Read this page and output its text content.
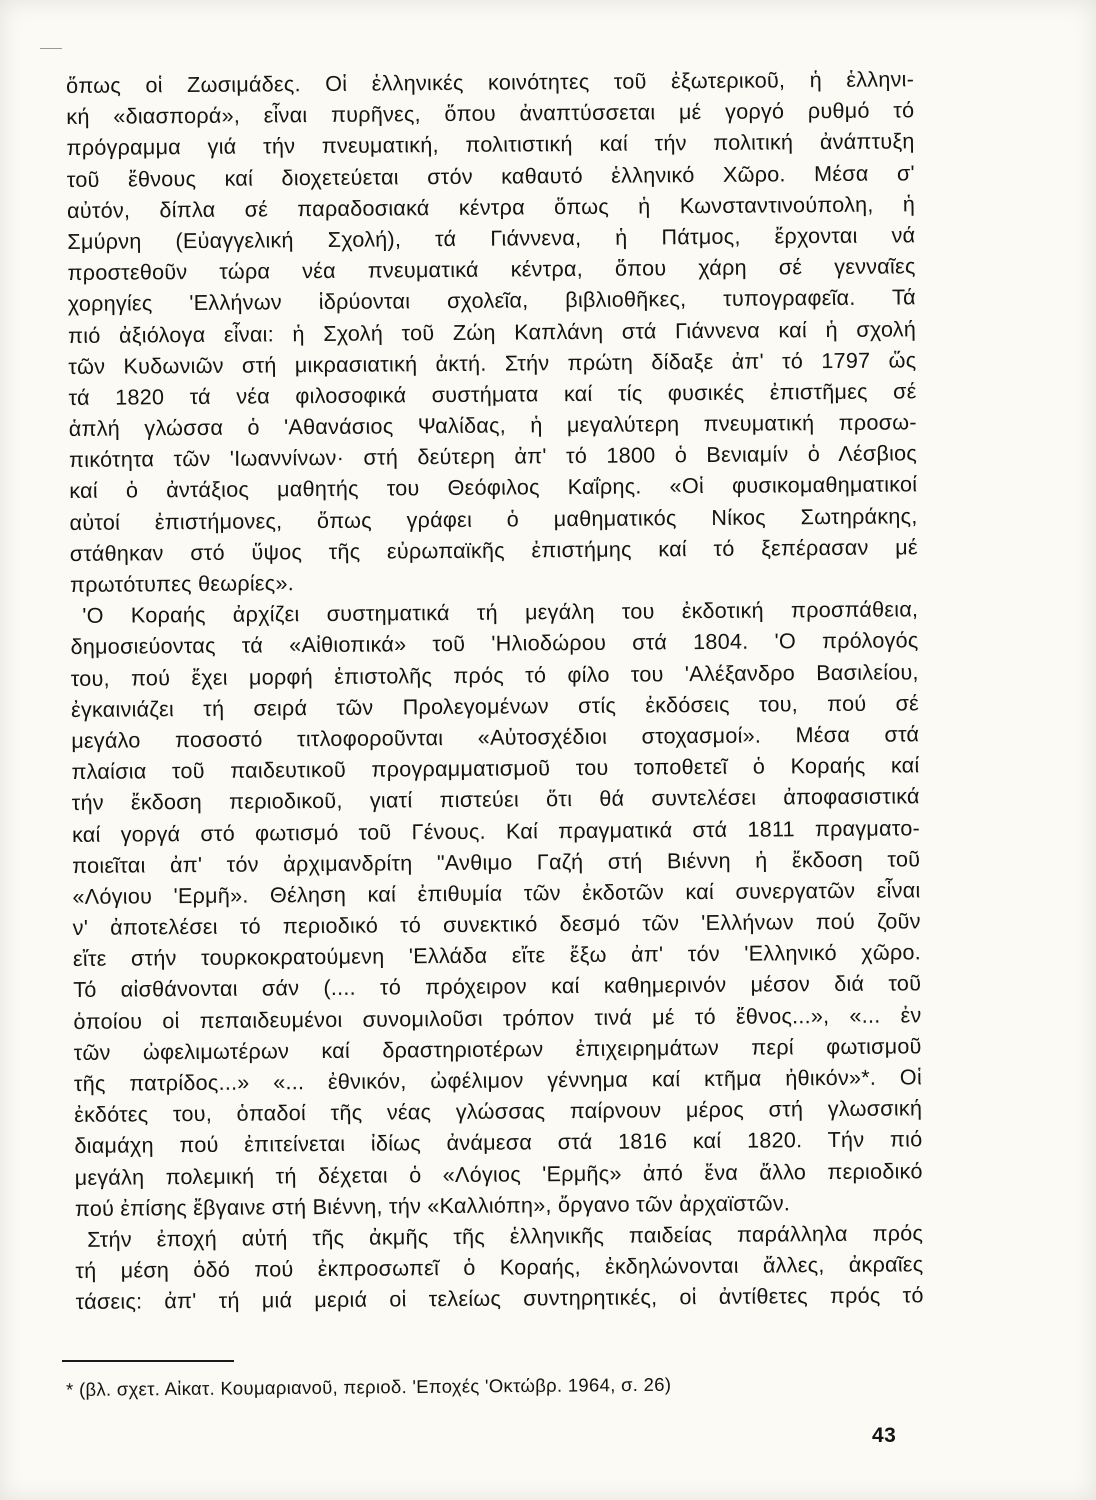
ὅπως οἱ Ζωσιμάδες. Οἱ ἑλληνικές κοινότητες τοῦ ἐξωτερικοῦ, ἡ ἑλληνι-
κή «διασπορά», εἶναι πυρῆνες, ὅπου ἀναπτύσσεται μέ γοργό ρυθμό τό
πρόγραμμα γιά τήν πνευματική, πολιτιστική καί τήν πολιτική ἀνάπτυξη
τοῦ ἔθνους καί διοχετεύεται στόν καθαυτό ἑλληνικό Χῶρο. Μέσα σ'
αὐτόν, δίπλα σέ παραδοσιακά κέντρα ὅπως ἡ Κωνσταντινούπολη, ἡ
Σμύρνη (Εὐαγγελική Σχολή), τά Γιάννενα, ἡ Πάτμος, ἔρχονται νά
προστεθοῦν τώρα νέα πνευματικά κέντρα, ὅπου χάρη σέ γενναῖες
χορηγίες 'Ελλήνων ἱδρύονται σχολεῖα, βιβλιοθῆκες, τυπογραφεῖα. Τά
πιό ἀξιόλογα εἶναι: ἡ Σχολή τοῦ Ζώη Καπλάνη στά Γιάννενα καί ἡ σχολή
τῶν Κυδωνιῶν στή μικρασιατική ἀκτή. Στήν πρώτη δίδαξε ἀπ' τό 1797 ὥς
τά 1820 τά νέα φιλοσοφικά συστήματα καί τίς φυσικές ἐπιστῆμες σέ
ἁπλή γλώσσα ὁ 'Αθανάσιος Ψαλίδας, ἡ μεγαλύτερη πνευματική προσω-
πικότητα τῶν 'Ιωαννίνων· στή δεύτερη ἀπ' τό 1800 ὁ Βενιαμίν ὁ Λέσβιος
καί ὁ ἀντάξιος μαθητής του Θεόφιλος Καΐρης. «Οἱ φυσικομαθηματικοί
αὐτοί ἐπιστήμονες, ὅπως γράφει ὁ μαθηματικός Νίκος Σωτηράκης,
στάθηκαν στό ὕψος τῆς εὐρωπαϊκῆς ἐπιστήμης καί τό ξεπέρασαν μέ
πρωτότυπες θεωρίες».
'Ο Κοραής ἀρχίζει συστηματικά τή μεγάλη του ἐκδοτική προσπάθεια,
δημοσιεύοντας τά «Αἰθιοπικά» τοῦ 'Ηλιοδώρου στά 1804. 'Ο πρόλογός
του, πού ἔχει μορφή ἐπιστολῆς πρός τό φίλο του 'Αλέξανδρο Βασιλείου,
ἐγκαινιάζει τή σειρά τῶν Προλεγομένων στίς ἐκδόσεις του, πού σέ
μεγάλο ποσοστό τιτλοφοροῦνται «Αὐτοσχέδιοι στοχασμοί». Μέσα στά
πλαίσια τοῦ παιδευτικοῦ προγραμματισμοῦ του τοποθετεῖ ὁ Κοραής καί
τήν ἔκδοση περιοδικοῦ, γιατί πιστεύει ὅτι θά συντελέσει ἀποφασιστικά
καί γοργά στό φωτισμό τοῦ Γένους. Καί πραγματικά στά 1811 πραγματο-
ποιεῖται ἀπ' τόν ἀρχιμανδρίτη "Ανθιμο Γαζή στή Βιέννη ἡ ἔκδοση τοῦ
«Λόγιου 'Ερμῆ». Θέληση καί ἐπιθυμία τῶν ἐκδοτῶν καί συνεργατῶν εἶναι
ν' ἀποτελέσει τό περιοδικό τό συνεκτικό δεσμό τῶν 'Ελλήνων πού ζοῦν
εἴτε στήν τουρκοκρατούμενη 'Ελλάδα εἴτε ἔξω ἀπ' τόν 'Ελληνικό χῶρο.
Τό αἰσθάνονται σάν (.... τό πρόχειρον καί καθημερινόν μέσον διά τοῦ
ὁποίου οἱ πεπαιδευμένοι συνομιλοῦσι τρόπον τινά μέ τό ἔθνος...», «... ἐν
τῶν ὠφελιμωτέρων καί δραστηριοτέρων ἐπιχειρημάτων περί φωτισμοῦ
τῆς πατρίδος...» «... ἐθνικόν, ὠφέλιμον γέννημα καί κτῆμα ἠθικόν»*. Οἱ
ἐκδότες του, ὁπαδοί τῆς νέας γλώσσας παίρνουν μέρος στή γλωσσική
διαμάχη πού ἐπιτείνεται ἰδίως ἀνάμεσα στά 1816 καί 1820. Τήν πιό
μεγάλη πολεμική τή δέχεται ὁ «Λόγιος 'Ερμῆς» ἀπό ἕνα ἄλλο περιοδικό
πού ἐπίσης ἔβγαινε στή Βιέννη, τήν «Καλλιόπη», ὄργανο τῶν ἀρχαϊστῶν.
Στήν ἐποχή αὐτή τῆς ἀκμῆς τῆς ἑλληνικῆς παιδείας παράλληλα πρός
τή μέση ὁδό πού ἐκπροσωπεῖ ὁ Κοραής, ἐκδηλώνονται ἄλλες, ἀκραῖες
τάσεις: ἀπ' τή μιά μεριά οἱ τελείως συντηρητικές, οἱ ἀντίθετες πρός τό
* (βλ. σχετ. Αἰκατ. Κουμαριανοῦ, περιοδ. 'Εποχές 'Οκτώβρ. 1964, σ. 26)
43
